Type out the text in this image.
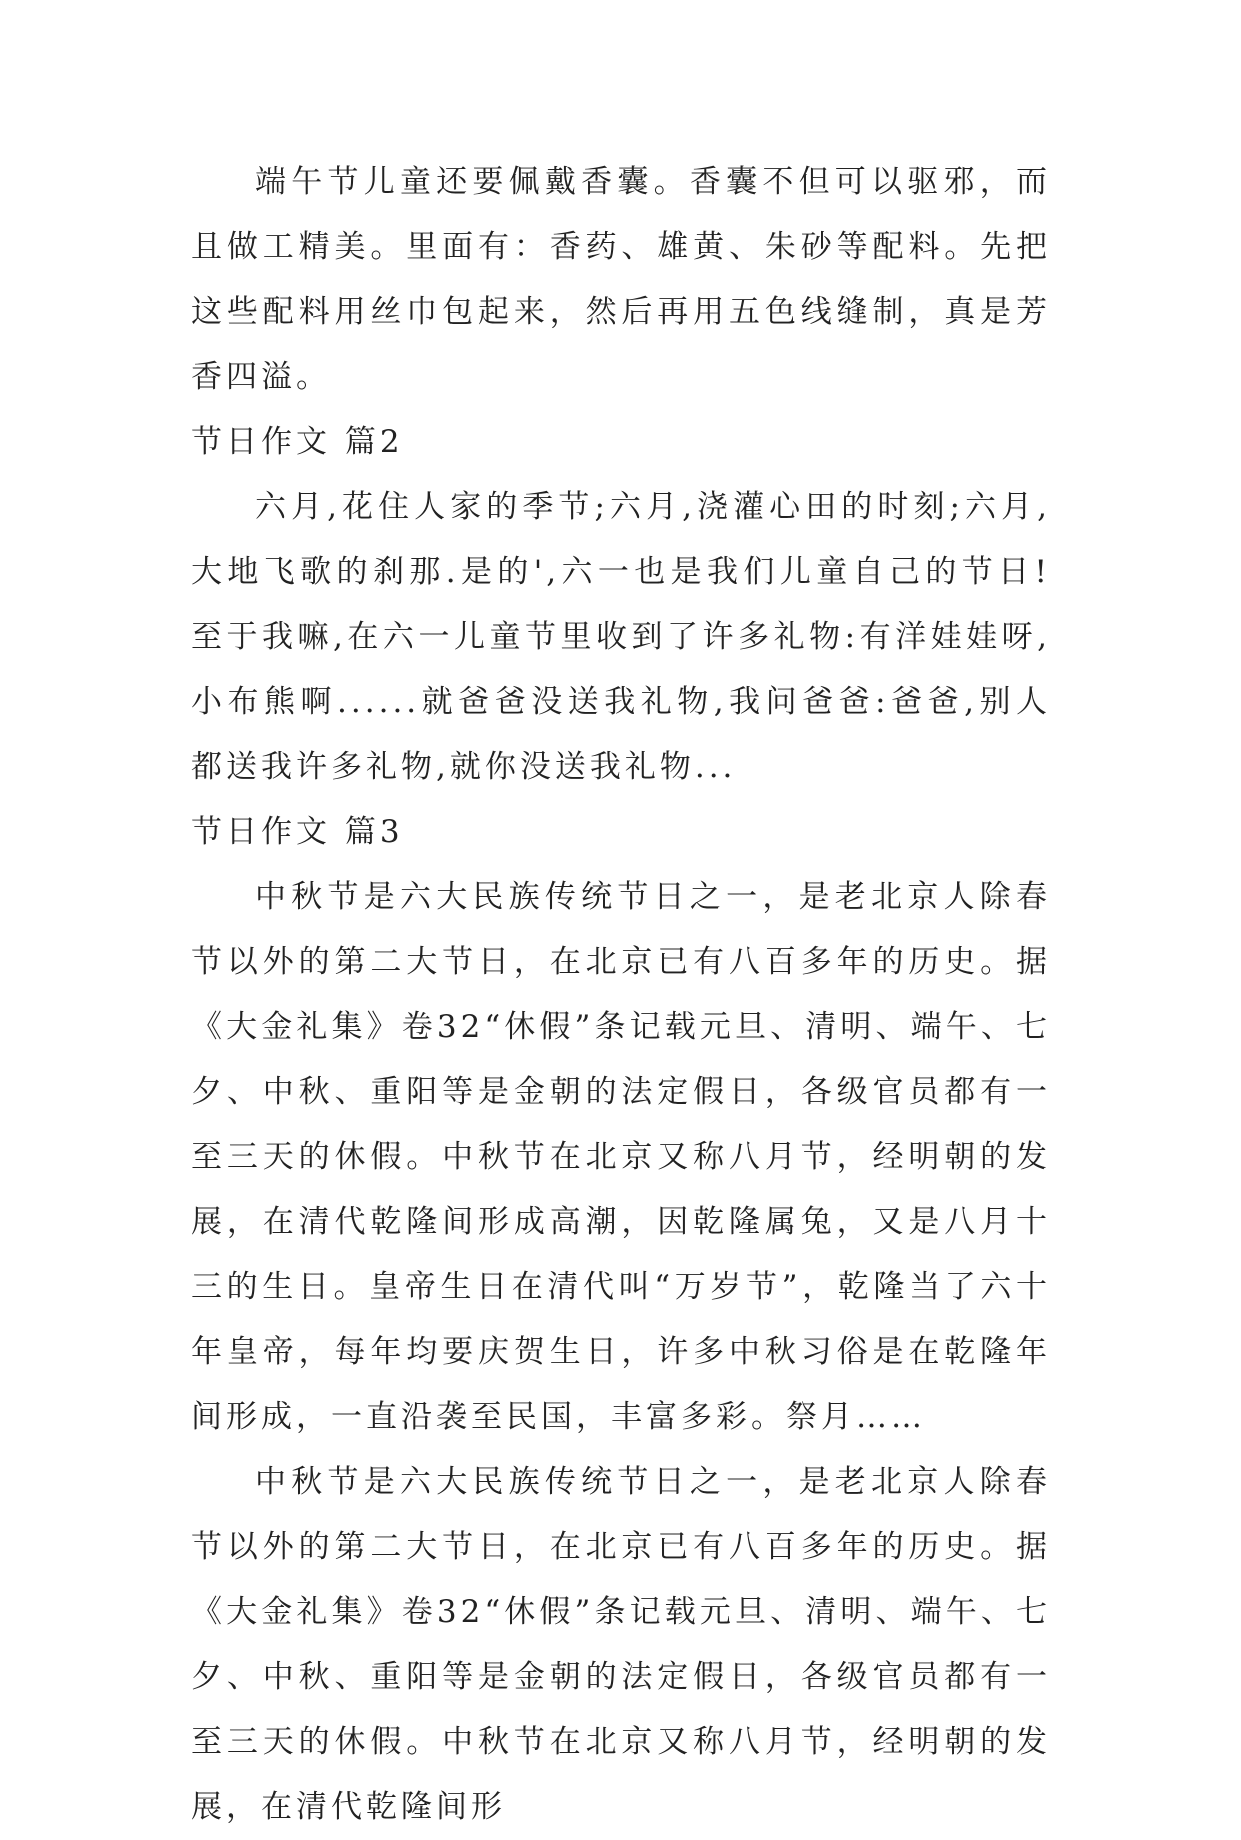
端午节儿童还要佩戴香囊。香囊不但可以驱邪，而且做工精美。里面有：香药、雄黄、朱砂等配料。先把这些配料用丝巾包起来，然后再用五色线缝制，真是芳香四溢。

节日作文 篇2

六月,花住人家的季节;六月,浇灌心田的时刻;六月,大地飞歌的刹那.是的',六一也是我们儿童自己的节日! 至于我嘛,在六一儿童节里收到了许多礼物:有洋娃娃呀,小布熊啊......就爸爸没送我礼物,我问爸爸:爸爸,别人都送我许多礼物,就你没送我礼物...

节日作文 篇3

中秋节是六大民族传统节日之一，是老北京人除春节以外的第二大节日，在北京已有八百多年的历史。据《大金礼集》卷32“休假”条记载元旦、清明、端午、七夕、中秋、重阳等是金朝的法定假日，各级官员都有一至三天的休假。中秋节在北京又称八月节，经明朝的发展，在清代乾隆间形成高潮，因乾隆属兔，又是八月十三的生日。皇帝生日在清代叫“万岁节”，乾隆当了六十年皇帝，每年均要庆贺生日，许多中秋习俗是在乾隆年间形成，一直沿袭至民国，丰富多彩。祭月……

中秋节是六大民族传统节日之一，是老北京人除春节以外的第二大节日，在北京已有八百多年的历史。据《大金礼集》卷32“休假”条记载元旦、清明、端午、七夕、中秋、重阳等是金朝的法定假日，各级官员都有一至三天的休假。中秋节在北京又称八月节，经明朝的发展，在清代乾隆间形
